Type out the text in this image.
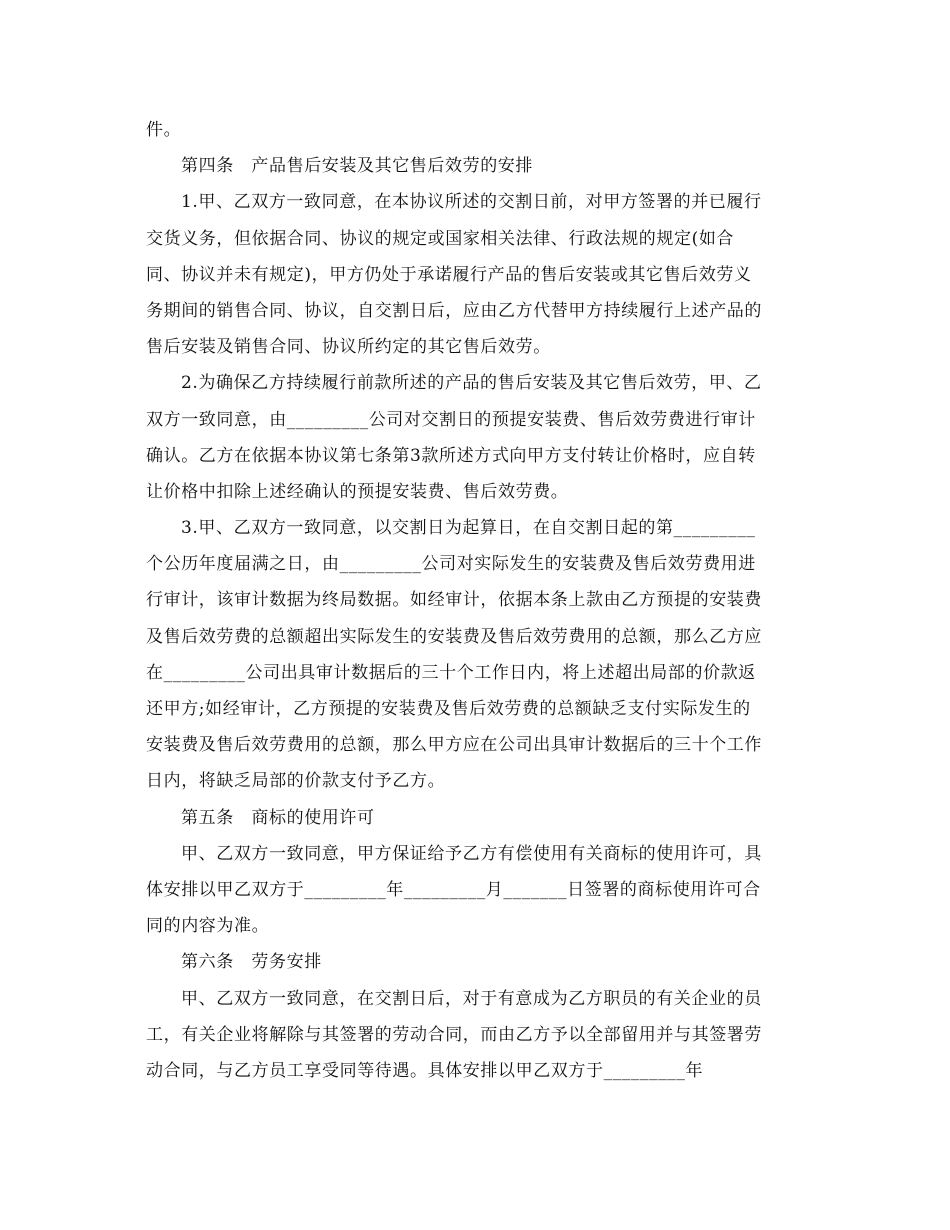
件。
第四条　产品售后安装及其它售后效劳的安排
1.甲、乙双方一致同意，在本协议所述的交割日前，对甲方签署的并已履行
交货义务，但依据合同、协议的规定或国家相关法律、行政法规的规定(如合
同、协议并未有规定)，甲方仍处于承诺履行产品的售后安装或其它售后效劳义
务期间的销售合同、协议，自交割日后，应由乙方代替甲方持续履行上述产品的
售后安装及销售合同、协议所约定的其它售后效劳。
2.为确保乙方持续履行前款所述的产品的售后安装及其它售后效劳，甲、乙
双方一致同意，由_________公司对交割日的预提安装费、售后效劳费进行审计
确认。乙方在依据本协议第七条第3款所述方式向甲方支付转让价格时，应自转
让价格中扣除上述经确认的预提安装费、售后效劳费。
3.甲、乙双方一致同意，以交割日为起算日，在自交割日起的第_________
个公历年度届满之日，由_________公司对实际发生的安装费及售后效劳费用进
行审计，该审计数据为终局数据。如经审计，依据本条上款由乙方预提的安装费
及售后效劳费的总额超出实际发生的安装费及售后效劳费用的总额，那么乙方应
在_________公司出具审计数据后的三十个工作日内，将上述超出局部的价款返
还甲方;如经审计，乙方预提的安装费及售后效劳费的总额缺乏支付实际发生的
安装费及售后效劳费用的总额，那么甲方应在公司出具审计数据后的三十个工作
日内，将缺乏局部的价款支付予乙方。
第五条　商标的使用许可
甲、乙双方一致同意，甲方保证给予乙方有偿使用有关商标的使用许可，具
体安排以甲乙双方于_________年_________月_______日签署的商标使用许可合
同的内容为准。
第六条　劳务安排
甲、乙双方一致同意，在交割日后，对于有意成为乙方职员的有关企业的员
工，有关企业将解除与其签署的劳动合同，而由乙方予以全部留用并与其签署劳
动合同，与乙方员工享受同等待遇。具体安排以甲乙双方于_________年
